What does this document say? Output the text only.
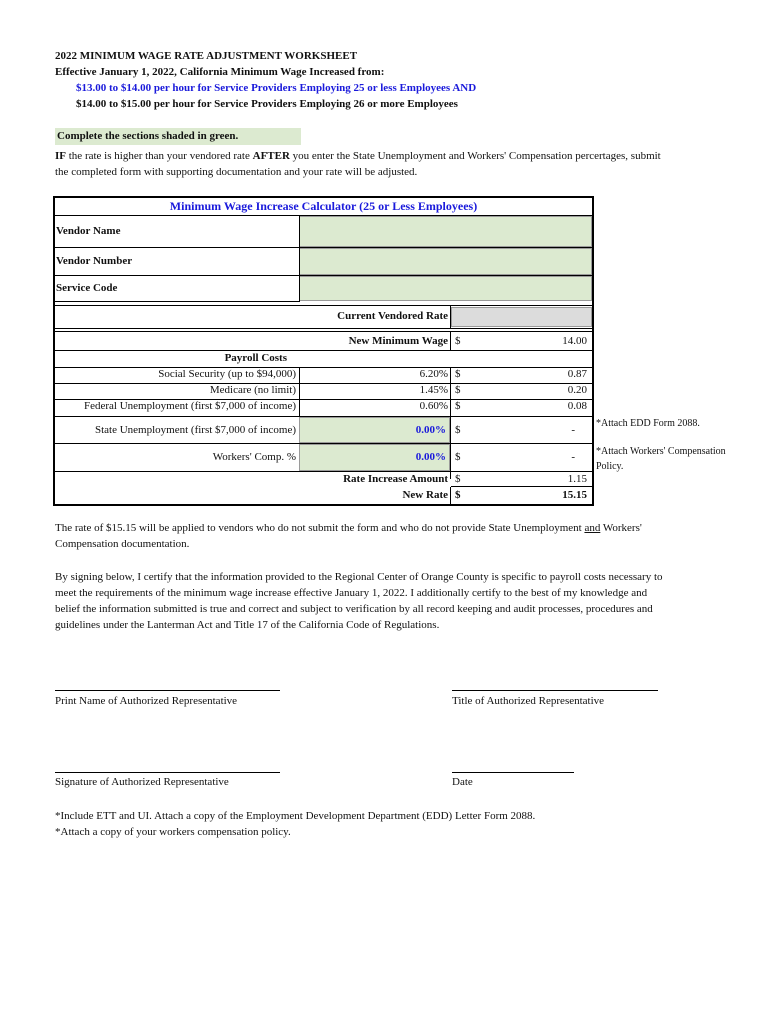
2022 MINIMUM WAGE RATE ADJUSTMENT WORKSHEET
Effective January 1, 2022, California Minimum Wage Increased from:
$13.00 to $14.00 per hour for Service Providers Employing 25 or less Employees AND
$14.00 to $15.00 per hour for Service Providers Employing 26 or more Employees
Complete the sections shaded in green.
IF the rate is higher than your vendored rate AFTER you enter the State Unemployment and Workers' Compensation percertages, submit
the completed form with supporting documentation and your rate will be adjusted.
Minimum Wage Increase Calculator (25 or Less Employees)
Vendor Name
Vendor Number
Service Code
Current Vendored Rate
New Minimum Wage $	14.00
Payroll Costs
Social Security (up to $94,000)	6.20% $	0.87
Medicare (no limit)	1.45% $	0.20
Federal Unemployment (first $7,000 of income)	0.60% $	0.08
State Unemployment (first $7,000 of income)	0.00% $	-
*Attach EDD Form 2088.
Workers' Comp. %	0.00% $	- *Attach Workers' Compensation
Policy.
Rate Increase Amount $	1.15
New Rate $	15.15
The rate of $15.15 will be applied to vendors who do not submit the form and who do not provide State Unemployment and Workers'
Compensation documentation.
By signing below, I certify that the information provided to the Regional Center of Orange County is specific to payroll costs necessary to
meet the requirements of the minimum wage increase effective January 1, 2022. I additionally certify to the best of my knowledge and
belief the information submitted is true and correct and subject to verification by all record keeping and audit processes, procedures and
guidelines under the Lanterman Act and Title 17 of the California Code of Regulations.
Print Name of Authorized Representative	Title of Authorized Representative
Signature of Authorized Representative	Date
*Include ETT and UI. Attach a copy of the Employment Development Department (EDD) Letter Form 2088.
*Attach a copy of your workers compensation policy.
